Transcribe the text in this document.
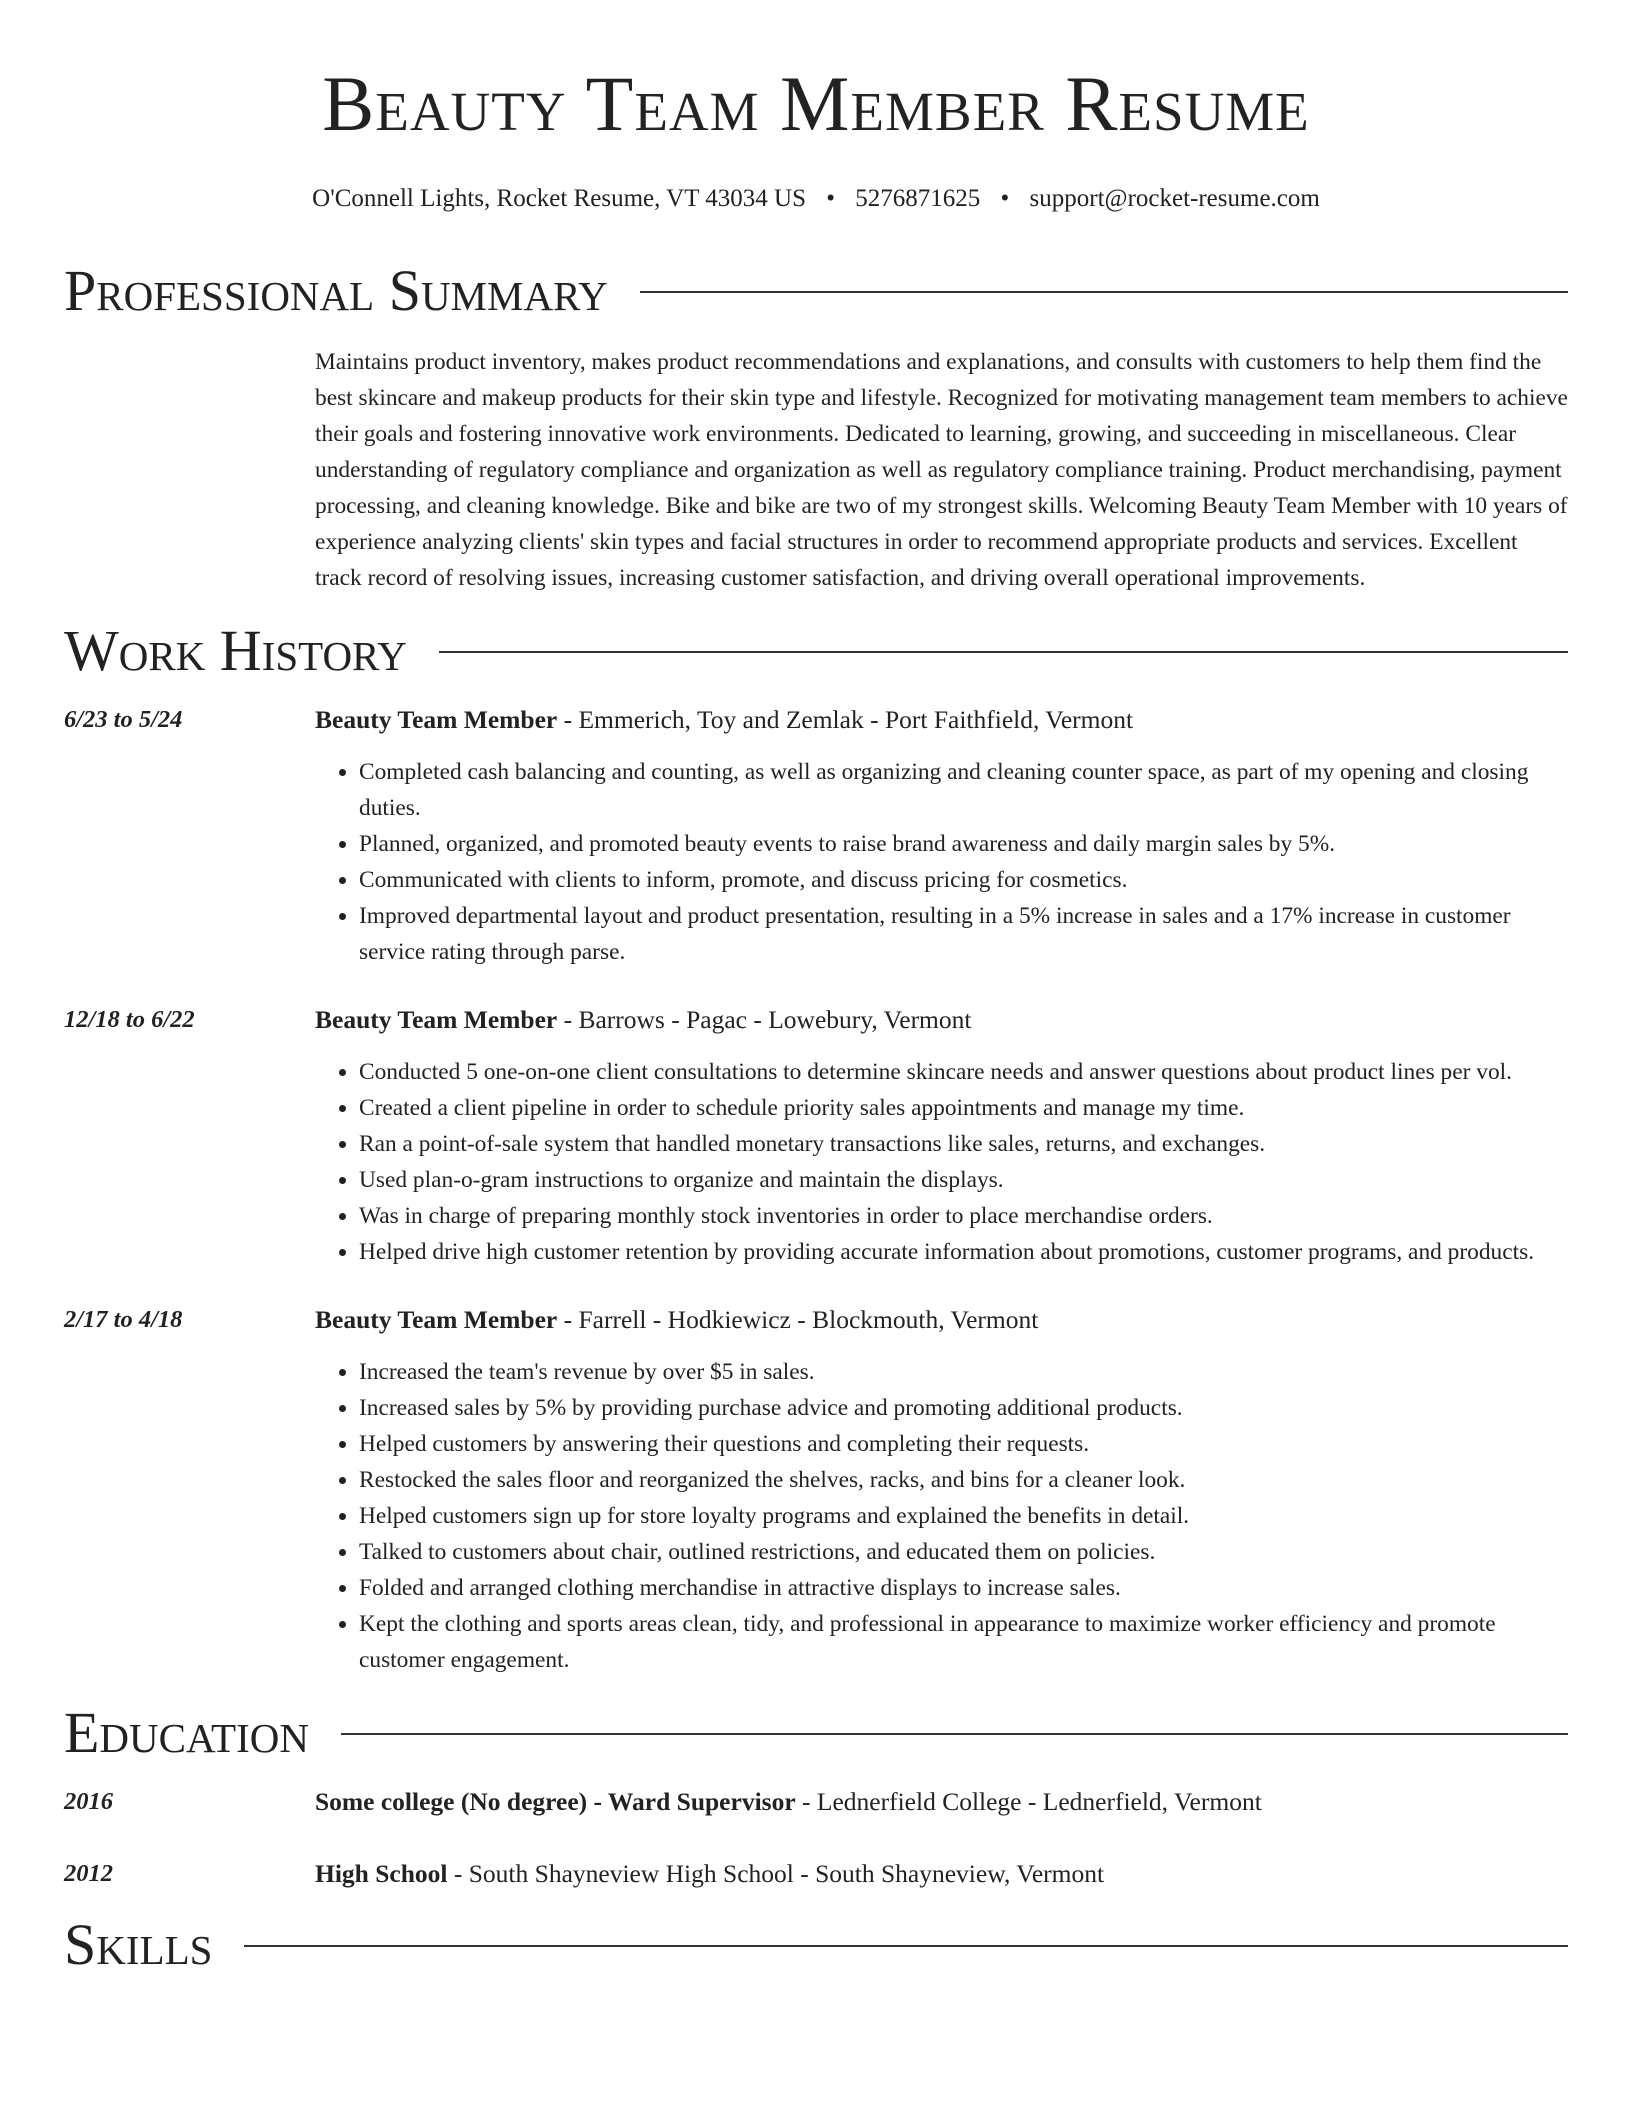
Beauty Team Member Resume
O'Connell Lights, Rocket Resume, VT 43034 US • 5276871625 • support@rocket-resume.com
Professional Summary
Maintains product inventory, makes product recommendations and explanations, and consults with customers to help them find the best skincare and makeup products for their skin type and lifestyle. Recognized for motivating management team members to achieve their goals and fostering innovative work environments. Dedicated to learning, growing, and succeeding in miscellaneous. Clear understanding of regulatory compliance and organization as well as regulatory compliance training. Product merchandising, payment processing, and cleaning knowledge. Bike and bike are two of my strongest skills. Welcoming Beauty Team Member with 10 years of experience analyzing clients' skin types and facial structures in order to recommend appropriate products and services. Excellent track record of resolving issues, increasing customer satisfaction, and driving overall operational improvements.
Work History
6/23 to 5/24	Beauty Team Member - Emmerich, Toy and Zemlak - Port Faithfield, Vermont
• Completed cash balancing and counting, as well as organizing and cleaning counter space, as part of my opening and closing duties.
• Planned, organized, and promoted beauty events to raise brand awareness and daily margin sales by 5%.
• Communicated with clients to inform, promote, and discuss pricing for cosmetics.
• Improved departmental layout and product presentation, resulting in a 5% increase in sales and a 17% increase in customer service rating through parse.
12/18 to 6/22	Beauty Team Member - Barrows - Pagac - Lowebury, Vermont
• Conducted 5 one-on-one client consultations to determine skincare needs and answer questions about product lines per vol.
• Created a client pipeline in order to schedule priority sales appointments and manage my time.
• Ran a point-of-sale system that handled monetary transactions like sales, returns, and exchanges.
• Used plan-o-gram instructions to organize and maintain the displays.
• Was in charge of preparing monthly stock inventories in order to place merchandise orders.
• Helped drive high customer retention by providing accurate information about promotions, customer programs, and products.
2/17 to 4/18	Beauty Team Member - Farrell - Hodkiewicz - Blockmouth, Vermont
• Increased the team's revenue by over $5 in sales.
• Increased sales by 5% by providing purchase advice and promoting additional products.
• Helped customers by answering their questions and completing their requests.
• Restocked the sales floor and reorganized the shelves, racks, and bins for a cleaner look.
• Helped customers sign up for store loyalty programs and explained the benefits in detail.
• Talked to customers about chair, outlined restrictions, and educated them on policies.
• Folded and arranged clothing merchandise in attractive displays to increase sales.
• Kept the clothing and sports areas clean, tidy, and professional in appearance to maximize worker efficiency and promote customer engagement.
Education
2016	Some college (No degree) - Ward Supervisor - Lednerfield College - Lednerfield, Vermont
2012	High School - South Shayneview High School - South Shayneview, Vermont
Skills
